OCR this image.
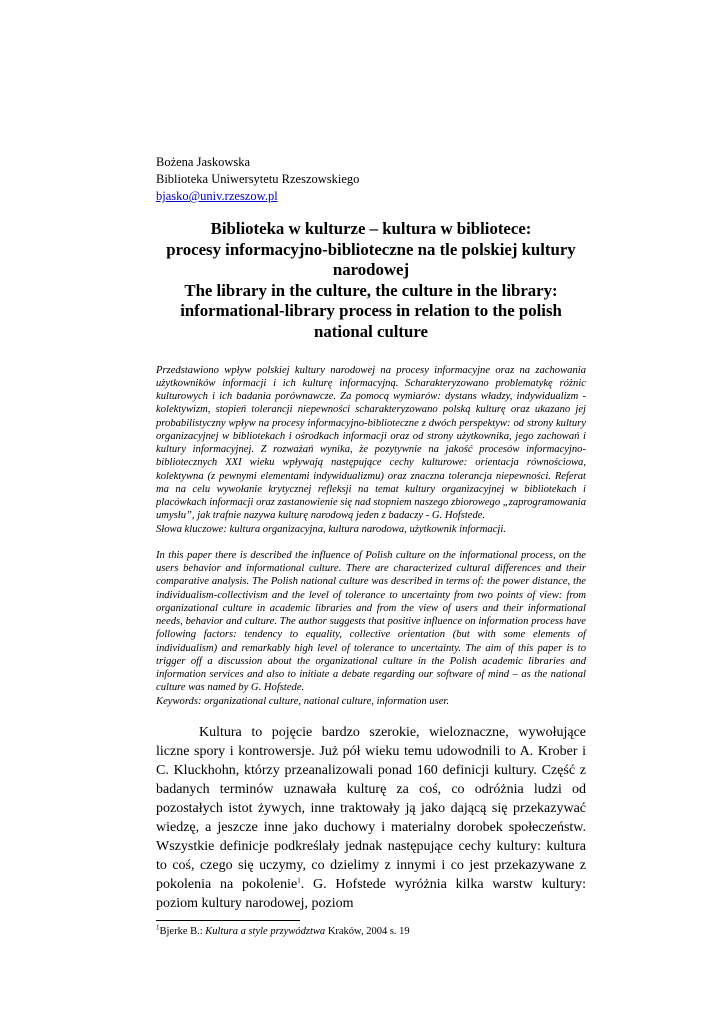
Bożena Jaskowska
Biblioteka Uniwersytetu Rzeszowskiego
bjasko@univ.rzeszow.pl
Biblioteka w kulturze – kultura w bibliotece:
procesy informacyjno-biblioteczne na tle polskiej kultury narodowej
The library in the culture, the culture in the library:
informational-library process in relation to the polish national culture

Przedstawiono wpływ polskiej kultury narodowej na procesy informacyjne oraz na zachowania użytkowników informacji i ich kulturę informacyjną. Scharakteryzowano problematykę różnic kulturowych i ich badania porównawcze. Za pomocą wymiarów: dystans władzy, indywidualizm - kolektywizm, stopień tolerancji niepewności scharakteryzowano polską kulturę oraz ukazano jej probabilistyczny wpływ na procesy informacyjno-biblioteczne z dwóch perspektyw: od strony kultury organizacyjnej w bibliotekach i ośrodkach informacji oraz od strony użytkownika, jego zachowań i kultury informacyjnej. Z rozważań wynika, że pozytywnie na jakość procesów informacyjno-bibliotecznych XXI wieku wpływają następujące cechy kulturowe: orientacja równościowa, kolektywna (z pewnymi elementami indywidualizmu) oraz znaczna tolerancja niepewności. Referat ma na celu wywołanie krytycznej refleksji na temat kultury organizacyjnej w bibliotekach i placówkach informacji oraz zastanowienie się nad stopniem naszego zbiorowego „zaprogramowania umysłu”, jak trafnie nazywa kulturę narodową jeden z badaczy - G. Hofstede.

Słowa kluczowe: kultura organizacyjna, kultura narodowa, użytkownik informacji.

In this paper there is described the influence of Polish culture on the informational process, on the users behavior and informational culture. There are characterized cultural differences and their comparative analysis. The Polish national culture was described in terms of: the power distance, the individualism-collectivism and the level of tolerance to uncertainty from two points of view: from organizational culture in academic libraries and from the view of users and their informational needs, behavior and culture. The author suggests that positive influence on information process have following factors: tendency to equality, collective orientation (but with some elements of individualism) and remarkably high level of tolerance to uncertainty. The aim of this paper is to trigger off a discussion about the organizational culture in the Polish academic libraries and information services and also to initiate a debate regarding our software of mind – as the national culture was named by G. Hofstede.

Keywords: organizational culture, national culture, information user.

Kultura to pojęcie bardzo szerokie, wieloznaczne, wywołujące liczne spory i kontrowersje. Już pół wieku temu udowodnili to A. Krober i C. Kluckhohn, którzy przeanalizowali ponad 160 definicji kultury. Część z badanych terminów uznawała kulturę za coś, co odróżnia ludzi od pozostałych istot żywych, inne traktowały ją jako dającą się przekazywać wiedzę, a jeszcze inne jako duchowy i materialny dorobek społeczeństw. Wszystkie definicje podkreślały jednak następujące cechy kultury: kultura to coś, czego się uczymy, co dzielimy z innymi i co jest przekazywane z pokolenia na pokolenie$^1$. G. Hofstede wyróżnia kilka warstw kultury: poziom kultury narodowej, poziom

$^1$Bjerke B.: Kultura a style przywództwa Kraków, 2004 s. 19
